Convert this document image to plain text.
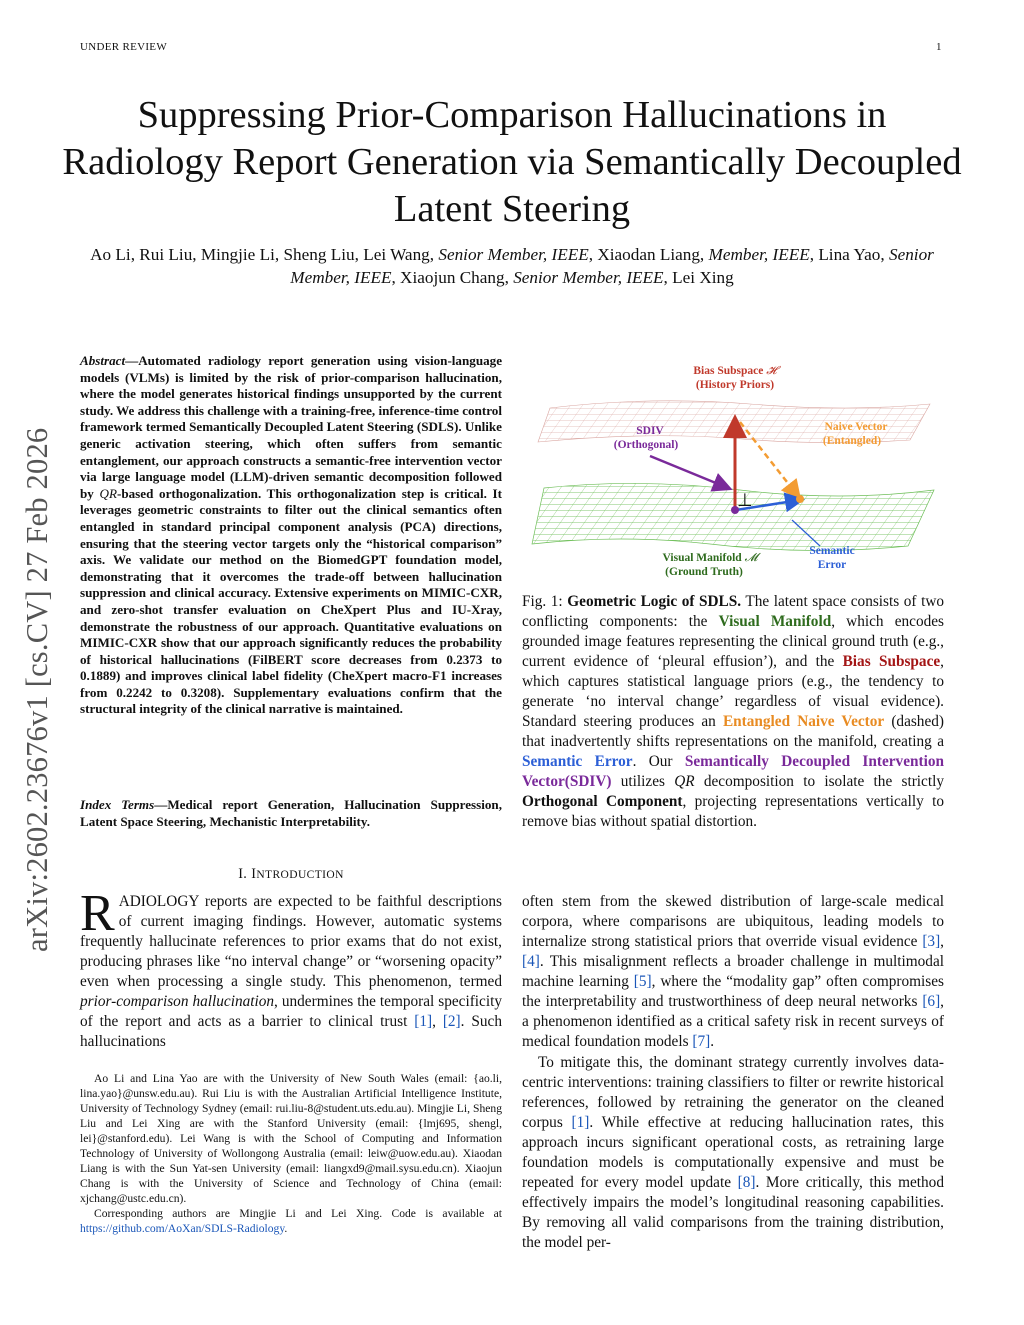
UNDER REVIEW	1
Suppressing Prior-Comparison Hallucinations in Radiology Report Generation via Semantically Decoupled Latent Steering
Ao Li, Rui Liu, Mingjie Li, Sheng Liu, Lei Wang, Senior Member, IEEE, Xiaodan Liang, Member, IEEE, Lina Yao, Senior Member, IEEE, Xiaojun Chang, Senior Member, IEEE, Lei Xing
arXiv:2602.23676v1 [cs.CV] 27 Feb 2026

Abstract—Automated radiology report generation using vision-language models (VLMs) is limited by the risk of prior-comparison hallucination, where the model generates historical findings unsupported by the current study. We address this challenge with a training-free, inference-time control framework termed Semantically Decoupled Latent Steering (SDLS). Unlike generic activation steering, which often suffers from semantic entanglement, our approach constructs a semantic-free intervention vector via large language model (LLM)-driven semantic decomposition followed by QR-based orthogonalization. This orthogonalization step is critical. It leverages geometric constraints to filter out the clinical semantics often entangled in standard principal component analysis (PCA) directions, ensuring that the steering vector targets only the “historical comparison” axis. We validate our method on the BiomedGPT foundation model, demonstrating that it overcomes the trade-off between hallucination suppression and clinical accuracy. Extensive experiments on MIMIC-CXR, and zero-shot transfer evaluation on CheXpert Plus and IU-Xray, demonstrate the robustness of our approach. Quantitative evaluations on MIMIC-CXR show that our approach significantly reduces the probability of historical hallucinations (FilBERT score decreases from 0.2373 to 0.1889) and improves clinical label fidelity (CheXpert macro-F1 increases from 0.2242 to 0.3208). Supplementary evaluations confirm that the structural integrity of the clinical narrative is maintained.

Index Terms—Medical report Generation, Hallucination Suppression, Latent Space Steering, Mechanistic Interpretability.

I. INTRODUCTION

RADIOLOGY reports are expected to be faithful descriptions of current imaging findings. However, automatic systems frequently hallucinate references to prior exams that do not exist, producing phrases like “no interval change” or “worsening opacity” even when processing a single study. This phenomenon, termed prior-comparison hallucination, undermines the temporal specificity of the report and acts as a barrier to clinical trust [1], [2]. Such hallucinations

Ao Li and Lina Yao are with the University of New South Wales (email: {ao.li, lina.yao}@unsw.edu.au). Rui Liu is with the Australian Artificial Intelligence Institute, University of Technology Sydney (email: rui.liu-8@student.uts.edu.au). Mingjie Li, Sheng Liu and Lei Xing are with the Stanford University (email: {lmj695, shengl, lei}@stanford.edu). Lei Wang is with the School of Computing and Information Technology of University of Wollongong Australia (email: leiw@uow.edu.au). Xiaodan Liang is with the Sun Yat-sen University (email: liangxd9@mail.sysu.edu.cn). Xiaojun Chang is with the University of Science and Technology of China (email: xjchang@ustc.edu.cn).

Corresponding authors are Mingjie Li and Lei Xing. Code is available at https://github.com/AoXan/SDLS-Radiology.

⊥
Bias Subspace 𝓗
(History Priors)
SDIV
(Orthogonal)
Naive Vector
(Entangled)
Visual Manifold 𝓜
(Ground Truth)
Semantic
Error

Fig. 1: Geometric Logic of SDLS. The latent space consists of two conflicting components: the Visual Manifold, which encodes grounded image features representing the clinical ground truth (e.g., current evidence of ‘pleural effusion’), and the Bias Subspace, which captures statistical language priors (e.g., the tendency to generate ‘no interval change’ regardless of visual evidence). Standard steering produces an Entangled Naive Vector (dashed) that inadvertently shifts representations on the manifold, creating a Semantic Error. Our Semantically Decoupled Intervention Vector(SDIV) utilizes QR decomposition to isolate the strictly Orthogonal Component, projecting representations vertically to remove bias without spatial distortion.

often stem from the skewed distribution of large-scale medical corpora, where comparisons are ubiquitous, leading models to internalize strong statistical priors that override visual evidence [3], [4]. This misalignment reflects a broader challenge in multimodal machine learning [5], where the “modality gap” often compromises the interpretability and trustworthiness of deep neural networks [6], a phenomenon identified as a critical safety risk in recent surveys of medical foundation models [7].

To mitigate this, the dominant strategy currently involves data-centric interventions: training classifiers to filter or rewrite historical references, followed by retraining the generator on the cleaned corpus [1]. While effective at reducing hallucination rates, this approach incurs significant operational costs, as retraining large foundation models is computationally expensive and must be repeated for every model update [8]. More critically, this method effectively impairs the model’s longitudinal reasoning capabilities. By removing all valid comparisons from the training distribution, the model per-
